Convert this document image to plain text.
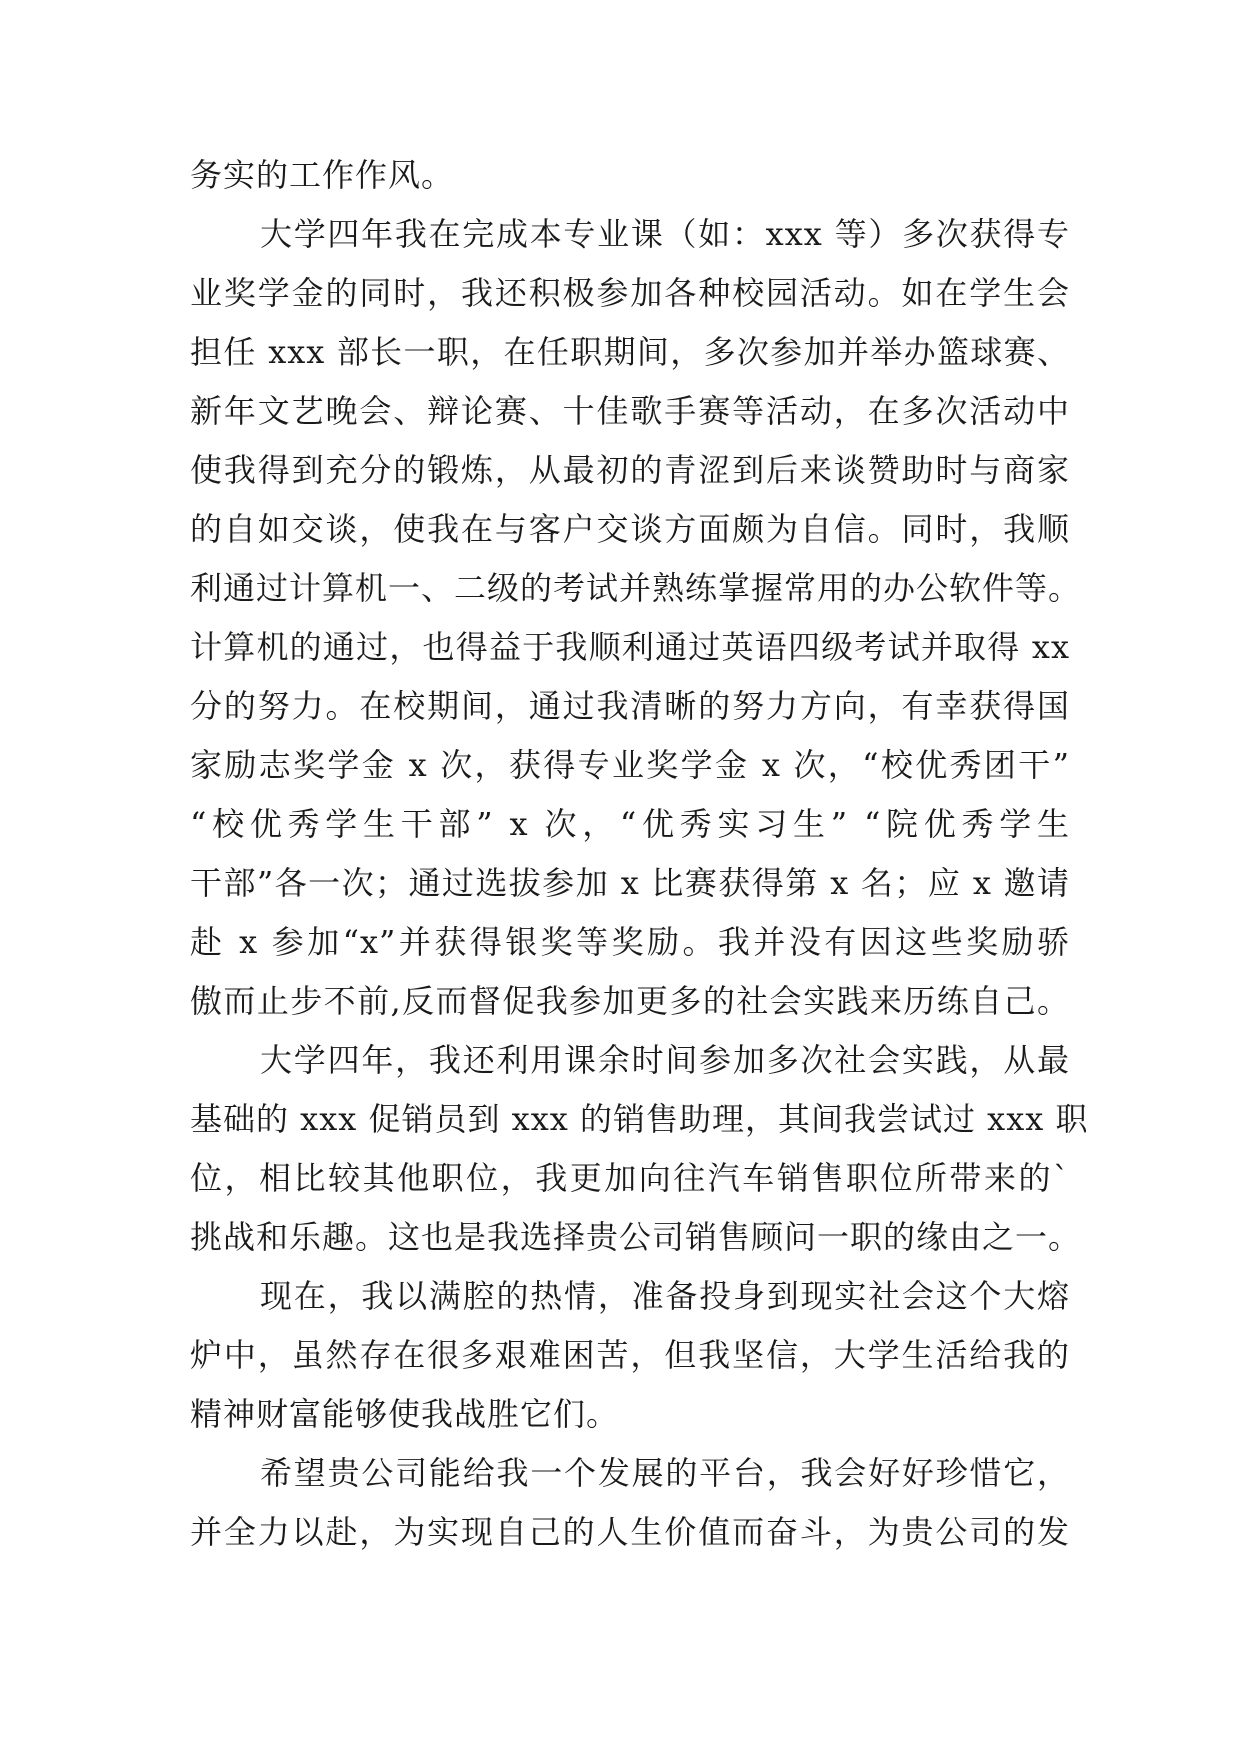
务实的工作作风。
大学四年我在完成本专业课（如：xxx 等）多次获得专
业奖学金的同时，我还积极参加各种校园活动。如在学生会
担任 xxx 部长一职，在任职期间，多次参加并举办篮球赛、
新年文艺晚会、辩论赛、十佳歌手赛等活动，在多次活动中
使我得到充分的锻炼，从最初的青涩到后来谈赞助时与商家
的自如交谈，使我在与客户交谈方面颇为自信。同时，我顺
利通过计算机一、二级的考试并熟练掌握常用的办公软件等。
计算机的通过，也得益于我顺利通过英语四级考试并取得 xx
分的努力。在校期间，通过我清晰的努力方向，有幸获得国
家励志奖学金 x 次，获得专业奖学金 x 次，“校优秀团干”
“校优秀学生干部” x 次，“优秀实习生” “院优秀学生
干部”各一次；通过选拔参加 x 比赛获得第 x 名；应 x 邀请
赴 x 参加“x”并获得银奖等奖励。我并没有因这些奖励骄
傲而止步不前,反而督促我参加更多的社会实践来历练自己。
大学四年，我还利用课余时间参加多次社会实践，从最
基础的 xxx 促销员到 xxx 的销售助理，其间我尝试过 xxx 职
位，相比较其他职位，我更加向往汽车销售职位所带来的`
挑战和乐趣。这也是我选择贵公司销售顾问一职的缘由之一。
现在，我以满腔的热情，准备投身到现实社会这个大熔
炉中，虽然存在很多艰难困苦，但我坚信，大学生活给我的
精神财富能够使我战胜它们。
希望贵公司能给我一个发展的平台，我会好好珍惜它，
并全力以赴，为实现自己的人生价值而奋斗，为贵公司的发
